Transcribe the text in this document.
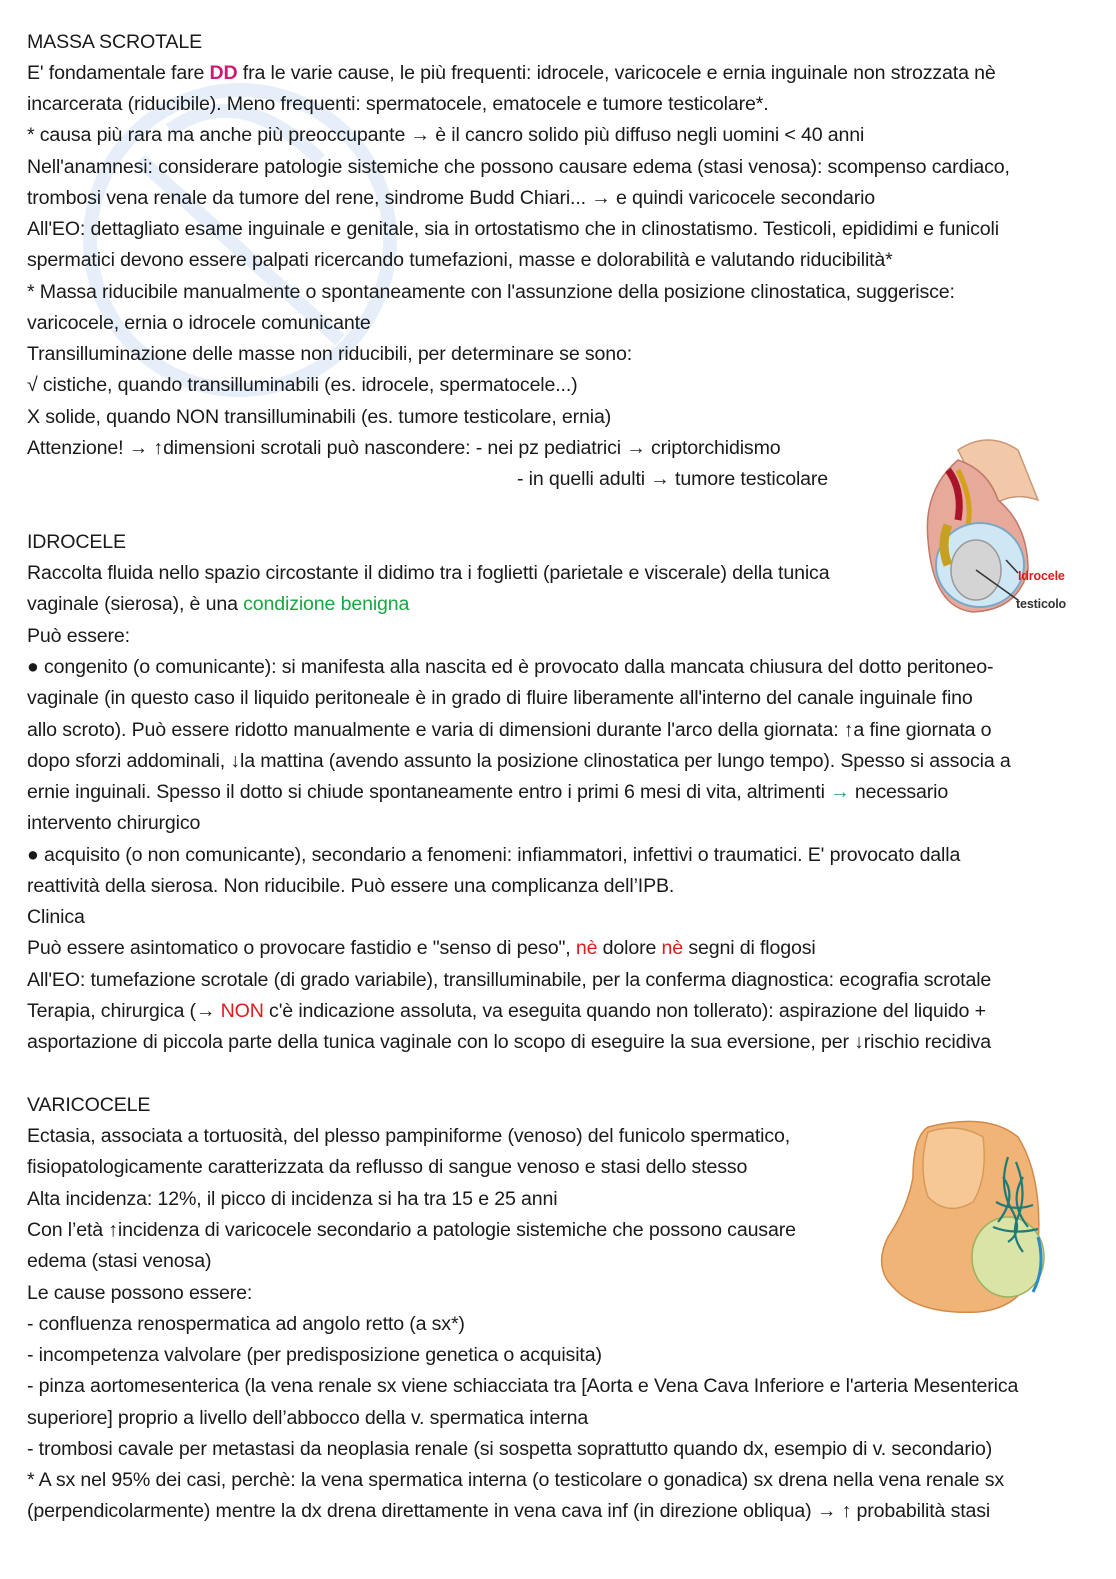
MASSA SCROTALE
E' fondamentale fare DD fra le varie cause, le più frequenti: idrocele, varicocele e ernia inguinale non strozzata nè
incarcerata (riducibile). Meno frequenti: spermatocele, ematocele e tumore testicolare*.
* causa più rara ma anche più preoccupante → è il cancro solido più diffuso negli uomini < 40 anni
Nell'anamnesi: considerare patologie sistemiche che possono causare edema (stasi venosa): scompenso cardiaco,
trombosi vena renale da tumore del rene, sindrome Budd Chiari... → e quindi varicocele secondario
All'EO: dettagliato esame inguinale e genitale, sia in ortostatismo che in clinostatismo. Testicoli, epididimi e funicoli
spermatici devono essere palpati ricercando tumefazioni, masse e dolorabilità e valutando riducibilità*
* Massa riducibile manualmente o spontaneamente con l'assunzione della posizione clinostatica, suggerisce:
varicocele, ernia o idrocele comunicante
Transilluminazione delle masse non riducibili, per determinare se sono:
√ cistiche, quando transilluminabili (es. idrocele, spermatocele...)
X solide, quando NON transilluminabili (es. tumore testicolare, ernia)
Attenzione! → ↑dimensioni scrotali può nascondere: - nei pz pediatrici → criptorchidismo
- in quelli adulti → tumore testicolare
IDROCELE
Raccolta fluida nello spazio circostante il didimo tra i foglietti (parietale e viscerale) della tunica
vaginale (sierosa), è una condizione benigna
Può essere:
● congenito (o comunicante): si manifesta alla nascita ed è provocato dalla mancata chiusura del dotto peritoneo-
vaginale (in questo caso il liquido peritoneale è in grado di fluire liberamente all'interno del canale inguinale fino
allo scroto). Può essere ridotto manualmente e varia di dimensioni durante l'arco della giornata: ↑a fine giornata o
dopo sforzi addominali, ↓la mattina (avendo assunto la posizione clinostatica per lungo tempo). Spesso si associa a
ernie inguinali. Spesso il dotto si chiude spontaneamente entro i primi 6 mesi di vita, altrimenti → necessario
intervento chirurgico
● acquisito (o non comunicante), secondario a fenomeni: infiammatori, infettivi o traumatici. E' provocato dalla
reattività della sierosa. Non riducibile. Può essere una complicanza dell’IPB.
Clinica
Può essere asintomatico o provocare fastidio e "senso di peso", nè dolore nè segni di flogosi
All'EO: tumefazione scrotale (di grado variabile), transilluminabile, per la conferma diagnostica: ecografia scrotale
Terapia, chirurgica (→ NON c'è indicazione assoluta, va eseguita quando non tollerato): aspirazione del liquido +
asportazione di piccola parte della tunica vaginale con lo scopo di eseguire la sua eversione, per ↓rischio recidiva
VARICOCELE
Ectasia, associata a tortuosità, del plesso pampiniforme (venoso) del funicolo spermatico,
fisiopatologicamente caratterizzata da reflusso di sangue venoso e stasi dello stesso
Alta incidenza: 12%, il picco di incidenza si ha tra 15 e 25 anni
Con l’età ↑incidenza di varicocele secondario a patologie sistemiche che possono causare
edema (stasi venosa)
Le cause possono essere:
- confluenza renospermatica ad angolo retto (a sx*)
- incompetenza valvolare (per predisposizione genetica o acquisita)
- pinza aortomesenterica (la vena renale sx viene schiacciata tra [Aorta e Vena Cava Inferiore e l'arteria Mesenterica
superiore] proprio a livello dell’abbocco della v. spermatica interna
- trombosi cavale per metastasi da neoplasia renale (si sospetta soprattutto quando dx, esempio di v. secondario)
* A sx nel 95% dei casi, perchè: la vena spermatica interna (o testicolare o gonadica) sx drena nella vena renale sx
(perpendicolarmente) mentre la dx drena direttamente in vena cava inf (in direzione obliqua) → ↑ probabilità stasi
Idrocele
testicolo
